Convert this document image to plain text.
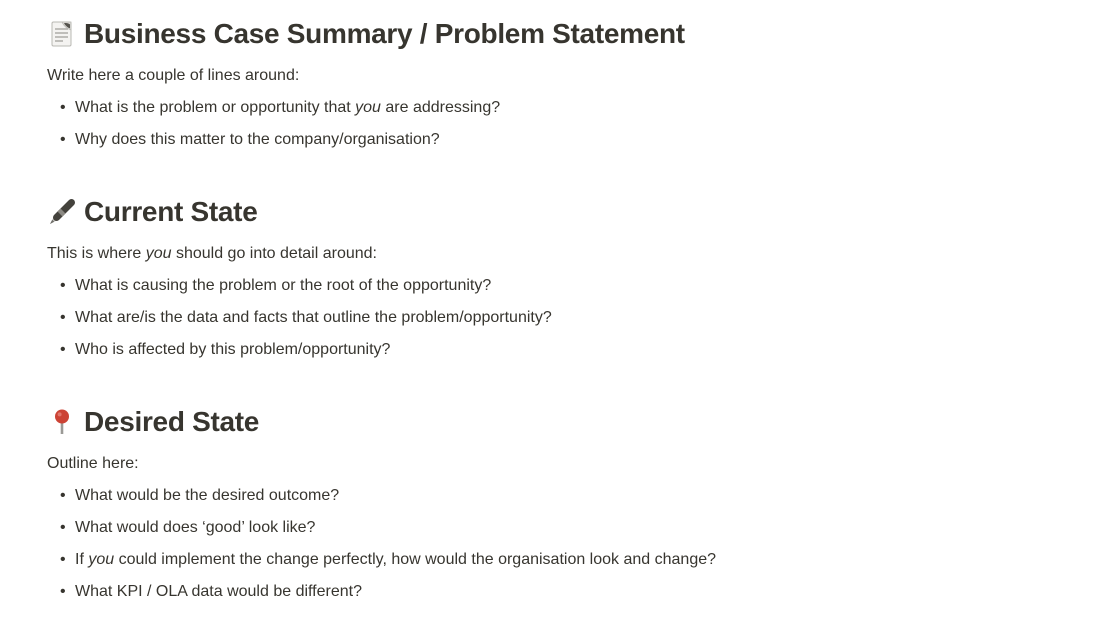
Business Case Summary / Problem Statement

Write here a couple of lines around:

• What is the problem or opportunity that you are addressing?
• Why does this matter to the company/organisation?
Current State

This is where you should go into detail around:

• What is causing the problem or the root of the opportunity?
• What are/is the data and facts that outline the problem/opportunity?
• Who is affected by this problem/opportunity?
Desired State

Outline here:

• What would be the desired outcome?
• What would does ‘good’ look like?
• If you could implement the change perfectly, how would the organisation look and change?
• What KPI / OLA data would be different?
